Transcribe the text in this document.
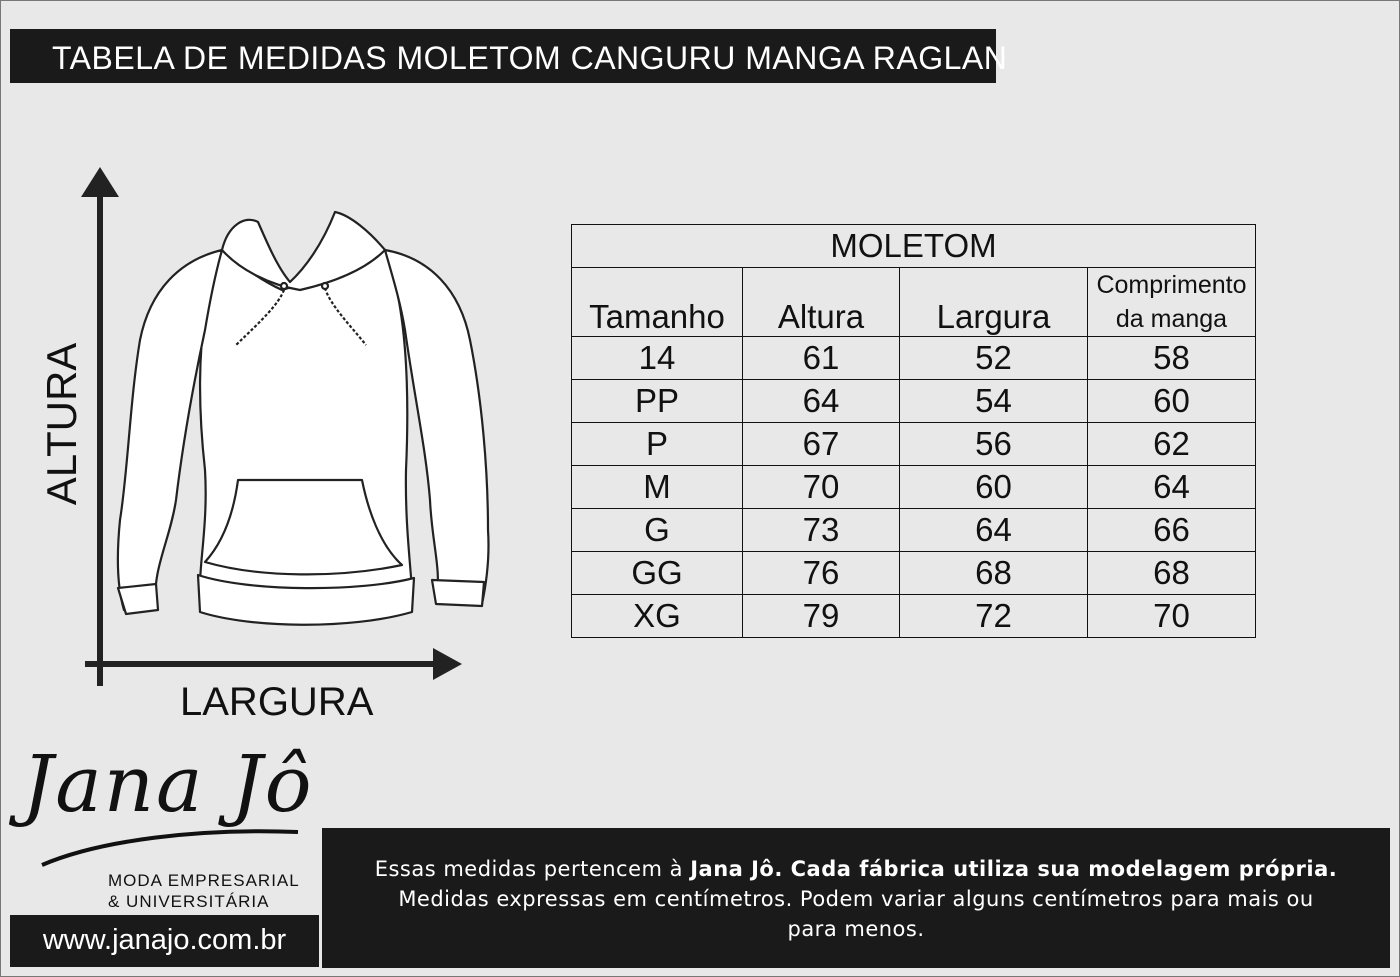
TABELA DE MEDIDAS MOLETOM CANGURU MANGA RAGLAN
ALTURA
LARGURA
MOLETOM			
Tamanho	Altura	Largura	Comprimento
da manga

14	61	52	58
PP	64	54	60
P	67	56	62
M	70	60	64
G	73	64	66
GG	76	68	68
XG	79	72	70
Jana Jô
MODA EMPRESARIAL
& UNIVERSITÁRIA
www.janajo.com.br
Essas medidas pertencem à Jana Jô. Cada fábrica utiliza sua modelagem própria.
Medidas expressas em centímetros. Podem variar alguns centímetros para mais ou
para menos.
